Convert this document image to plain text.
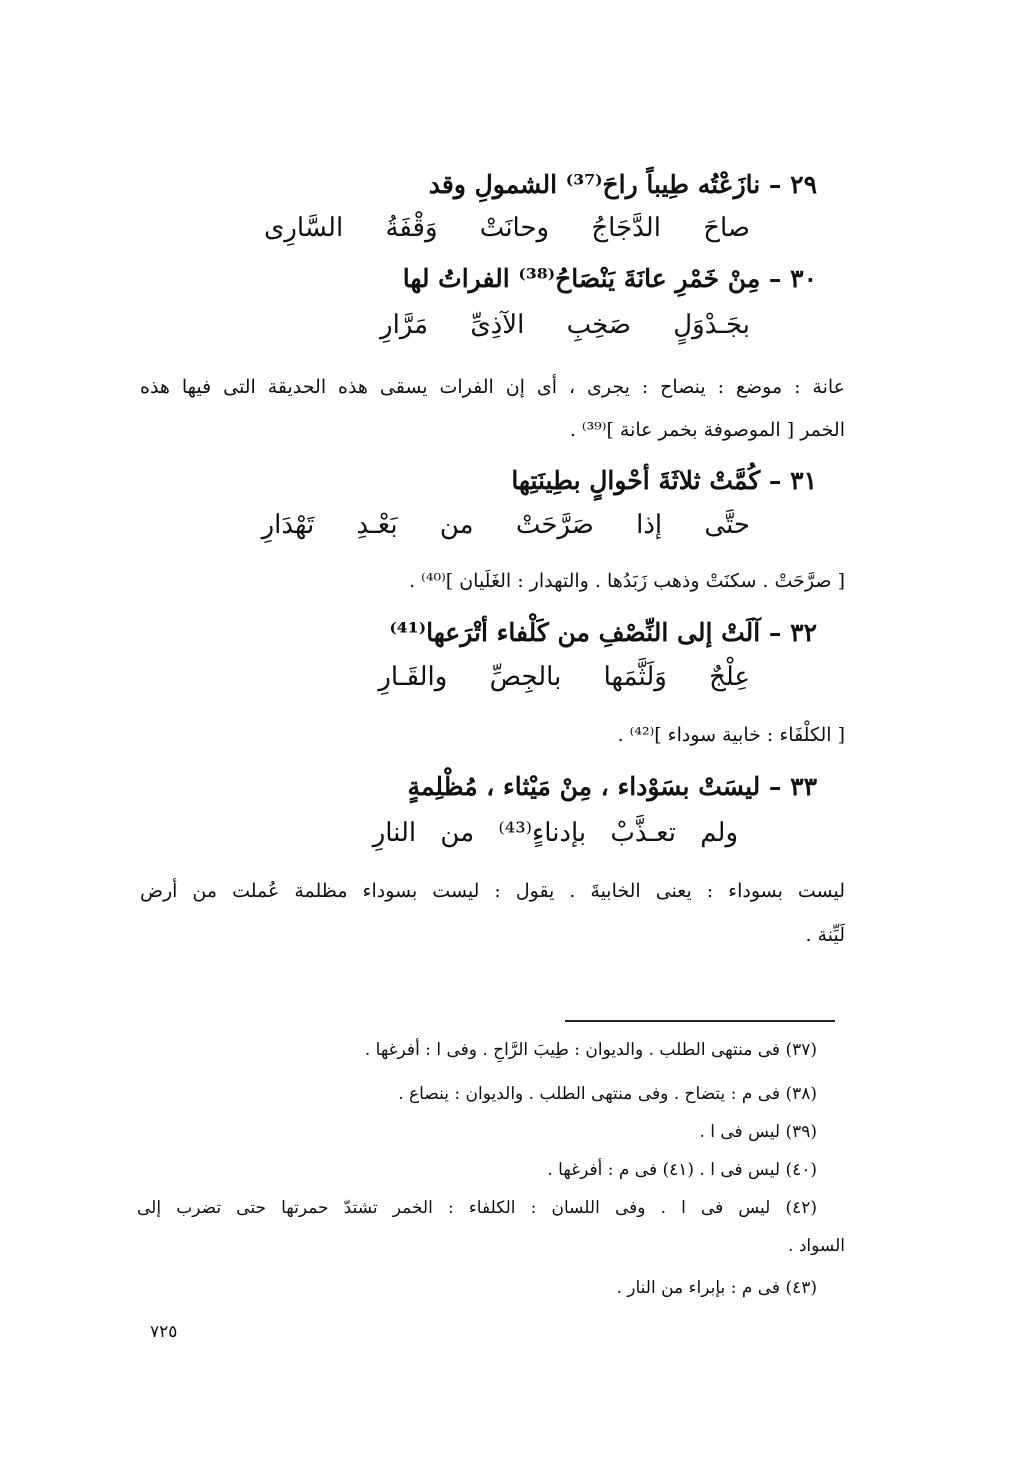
٢٩ – نازَعْتُه طِيباً راحَ⁽³⁷⁾ الشمولِ وقد
صاحَ الدَّجَاجُ وحانَتْ وَقْفَةُ السَّارِى
٣٠ – مِنْ خَمْرِ عانَةَ يَنْصَاحُ⁽³⁸⁾ الفراتُ لها
بجَـدْوَلٍ صَخِبِ الآذِىِّ مَرَّارِ
عانة : موضع : ينصاح : يجرى ، أى إن الفرات يسقى هذه الحديقة التى فيها هذه
الخمر [ الموصوفة بخمر عانة ]⁽³⁹⁾ .
٣١ – كُمَّتْ ثلاثَةَ أحْوالٍ بطِينَتِها
حتَّى إذا صَرَّحَتْ من بَعْـدِ تَهْدَارِ
[ صرَّحَتْ . سكنَتْ وذهب زَبَدُها . والتهدار : الغَلَيان ]⁽⁴⁰⁾ .
٣٢ – آلَتْ إلى النِّصْفِ من كَلْفاء أتْرَعها⁽⁴¹⁾
عِلْجٌ وَلَثَّمَها بالجِصِّ والقَـارِ
[ الكلْفَاء : خابية سوداء ]⁽⁴²⁾ .
٣٣ – ليسَتْ بسَوْداء ، مِنْ مَيْثاء ، مُظْلِمةٍ
ولم تعـذَّبْ بإدناءٍ⁽⁴³⁾ من النارِ
ليست بسوداء : يعنى الخابيةَ . يقول : ليست بسوداء مظلمة عُملت من أرض
لَيِّنة .
(٣٧) فى منتهى الطلب . والديوان : طِيبَ الرَّاحِ . وفى ا : أفرغها .
(٣٨) فى م : يتضاح . وفى منتهى الطلب . والديوان : ينصاع .
(٣٩) ليس فى ا .
(٤٠) ليس فى ا . (٤١) فى م : أفرغها .
(٤٢) ليس فى ا . وفى اللسان : الكلفاء : الخمر تشتدّ حمرتها حتى تضرب إلى
السواد .
(٤٣) فى م : بإبراء من النار .
٧٢٥
